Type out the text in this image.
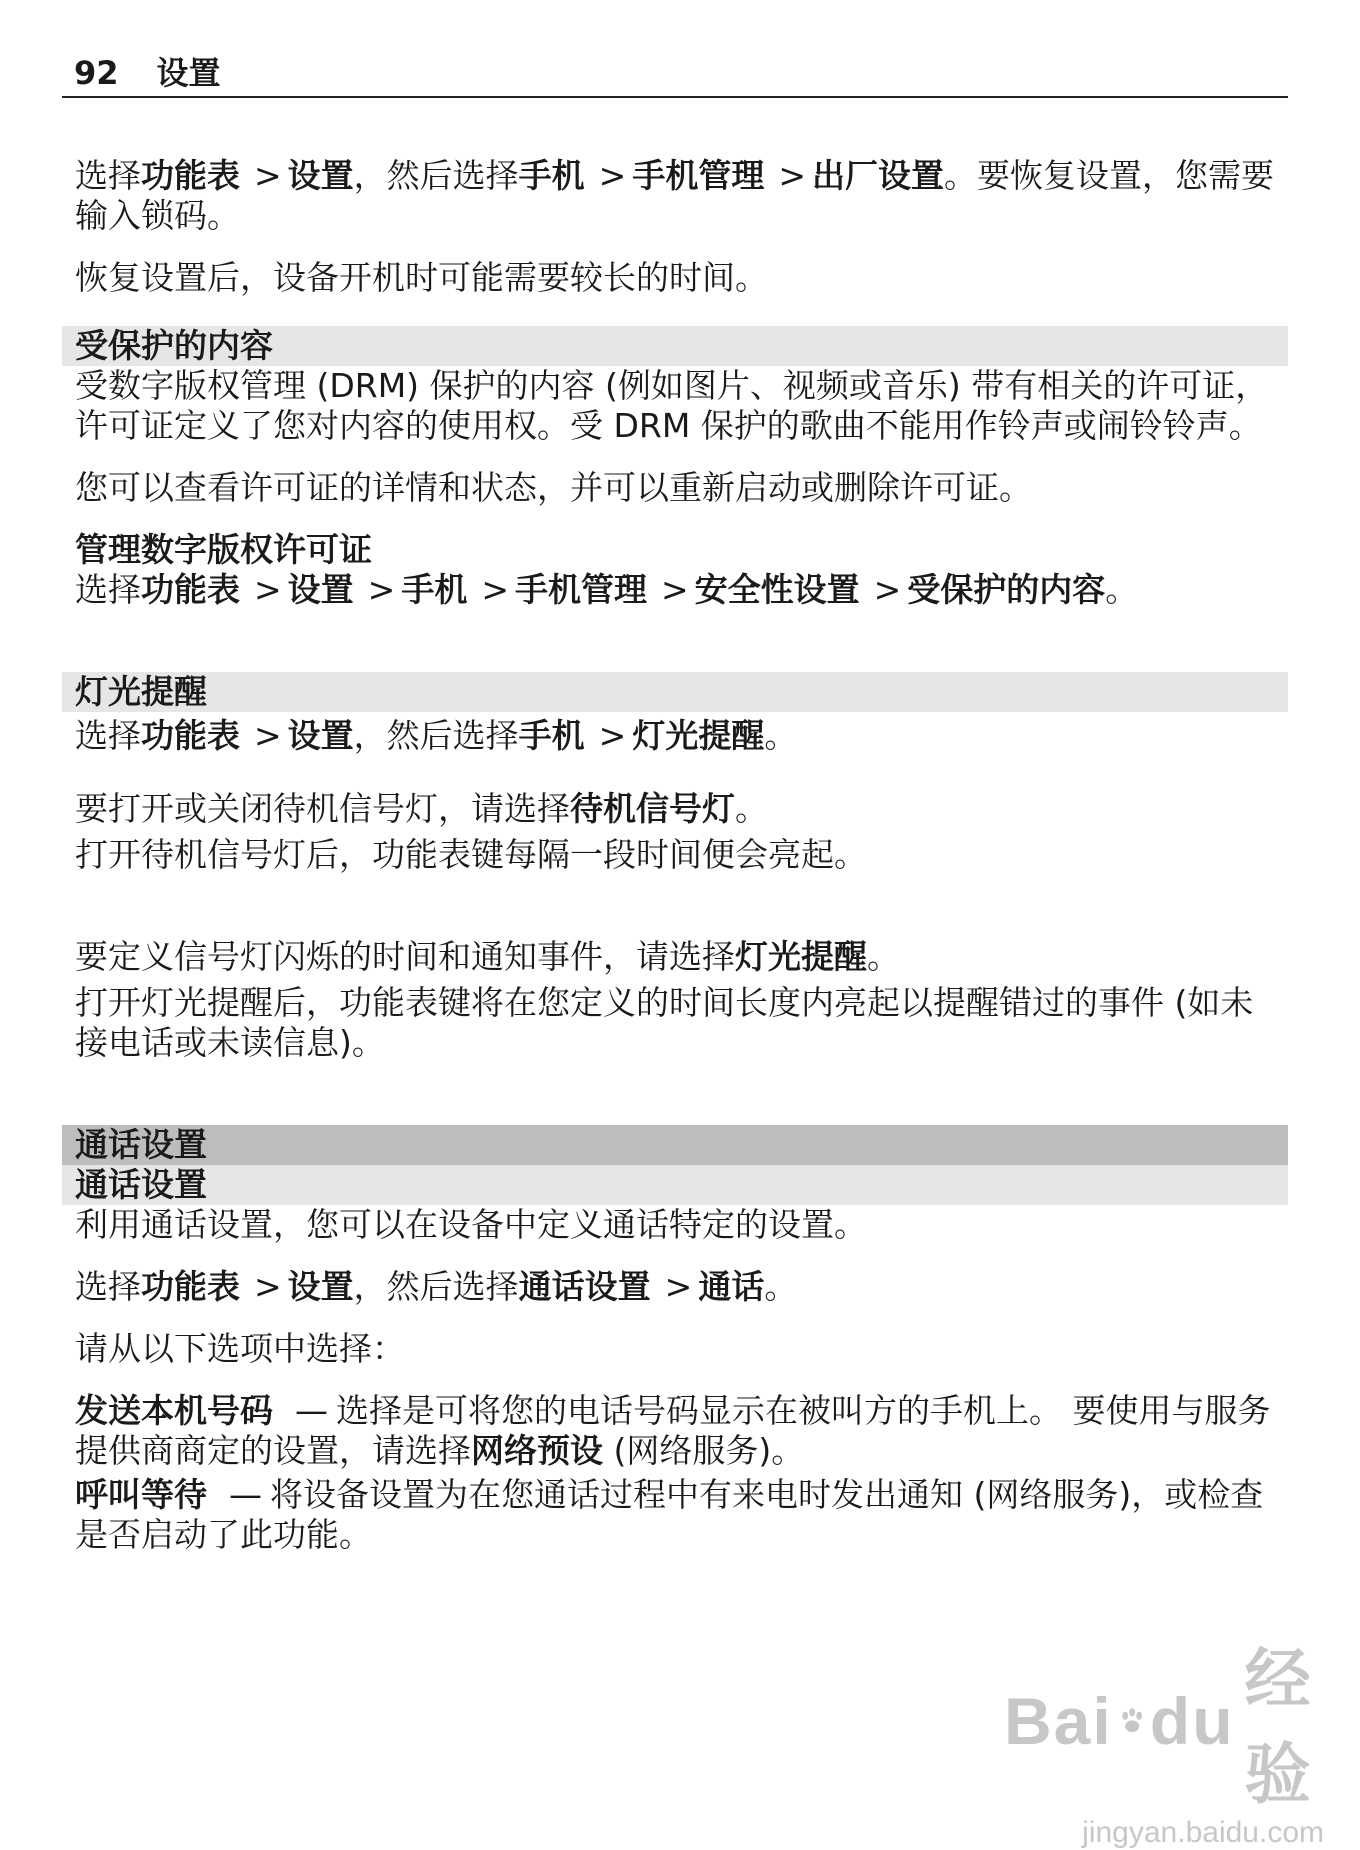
92 设置

选择功能表 > 设置，然后选择手机 > 手机管理 > 出厂设置。要恢复设置，您需要输入锁码。

恢复设置后，设备开机时可能需要较长的时间。

受保护的内容

受数字版权管理 (DRM) 保护的内容 (例如图片、视频或音乐) 带有相关的许可证，许可证定义了您对内容的使用权。受 DRM 保护的歌曲不能用作铃声或闹铃铃声。

您可以查看许可证的详情和状态，并可以重新启动或删除许可证。

管理数字版权许可证

选择功能表 > 设置 > 手机 > 手机管理 > 安全性设置 > 受保护的内容。

灯光提醒

选择功能表 > 设置，然后选择手机 > 灯光提醒。

要打开或关闭待机信号灯，请选择待机信号灯。

打开待机信号灯后，功能表键每隔一段时间便会亮起。

要定义信号灯闪烁的时间和通知事件，请选择灯光提醒。

打开灯光提醒后，功能表键将在您定义的时间长度内亮起以提醒错过的事件 (如未接电话或未读信息)。

通话设置
通话设置

利用通话设置，您可以在设备中定义通话特定的设置。

选择功能表 > 设置，然后选择通话设置 > 通话。

请从以下选项中选择：

发送本机号码 — 选择是可将您的电话号码显示在被叫方的手机上。 要使用与服务提供商商定的设置，请选择网络预设 (网络服务)。

呼叫等待 — 将设备设置为在您通话过程中有来电时发出通知 (网络服务)，或检查是否启动了此功能。

Bai du
经验
jingyan.baidu.com
